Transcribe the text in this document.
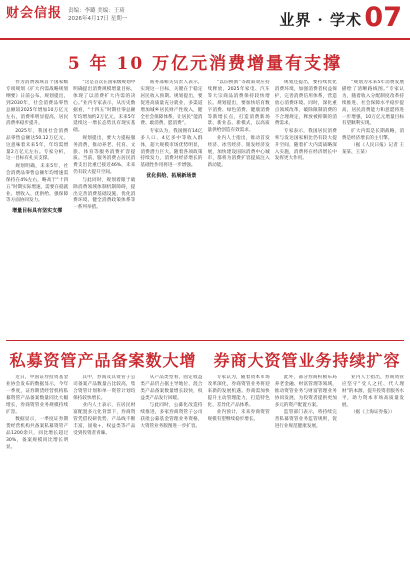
财会信报	责编：李璐 美编：王琦
2026年4月17日 星期一	业界 · 学术 07
5 年 10 万亿元消费增量有支撑

作为消费领域首个国家级专项规划《扩大内需战略规划纲要》日前公布。规划提出，到2030年，社会消费品零售总额较2025年增加10万亿元左右，消费率明显提高，居民消费率稳步提升。

2025年，我国社会消费品零售总额达50.12万亿元。这意味着未来5年，年均需增量2万亿元左右。专家分析，这一目标有扎实支撑。

规划明确，未来5年，社会消费品零售总额年均增速需保持在4%左右，略高于“十四五”时期实际增速，需要在稳就业、增收入、优供给、强保障等方面协同发力。

增量目标具有坚实支撑

“这是首次在国家级规划中明确提出消费规模增量目标，体现了以消费扩大内需的决心。”业内专家表示，从历史数据看，“十四五”时期社零总额年均增加约2万亿元，未来5年延续这一增长态势具有现实基础。

规划提出，要大力提振服务消费，推动养老、托育、文旅、体育等服务消费扩容提质。当前，服务消费占居民消费支出比重已接近46%，未来仍有较大提升空间。

与此同时，规划着眼于破除消费领域体制机制障碍，提出完善消费基础设施、优化消费环境、健全消费政策体系等一系列举措。

商务部相关负责人表示，实现这一目标，关键在于稳定居民收入预期。规划提出，要促进高质量充分就业，多渠道增加城乡居民财产性收入，健全社会保障体系，让居民“能消费、敢消费、愿消费”。

专家认为，我国拥有14亿多人口、4亿多中等收入群体，超大规模市场优势明显，消费潜力巨大。随着各项政策持续发力，消费对经济增长的基础性作用将进一步增强。

优化供给、拓展新场景

“以旧换新”等政策效应持续释放，2025年家电、汽车等大宗商品消费保持较快增长。规划提出，要加快培育数字消费、绿色消费、健康消费等新增长点，打造消费新场景、新业态、新模式，以高质量供给创造有效需求。

业内人士指出，推动首发经济、冰雪经济、银发经济发展，加快建设国际消费中心城市，都将为消费扩容提质注入新动能。

规划还提出，要持续优化消费环境，加强消费者权益保护，完善消费信用体系，营造放心消费环境。同时，深化重点领域改革，破除限制消费的不合理规定，释放被抑制的消费需求。

专家表示，我国居民消费率与发达国家相比仍有较大提升空间，随着扩大内需战略深入实施，消费将在经济增长中发挥更大作用。

“规划为未来5年消费发展描绘了清晰路线图。”专家认为，随着收入分配制度改革持续推进、社会保障水平稳步提高，居民消费能力和意愿将进一步增强，10万亿元增量目标有望顺利实现。

扩大内需是长期战略，消费是经济增长的主引擎。

（据《人民日报》记者 王某某、王某）

私募资管产品备案数大增　券商大资管业务持续扩容

近日，中国证券投资基金业协会发布的数据显示，今年一季度，证券期货经营机构私募资管产品备案数量同比大幅增长，券商资管业务规模持续扩容。

数据显示，一季度证券期货经营机构共备案私募资管产品1200余只，同比增长超过30%，备案规模同比增长明显。

其中，券商及其资管子公司备案产品数量占比较高，集合资管计划和单一资管计划均保持较快增长。

业内人士表示，在居民财富配置多元化背景下，券商资管凭借投研优势，产品线不断丰富，固收+、权益类等产品受到投资者青睐。

从产品类型看，固定收益类产品仍占据主导地位，混合类产品备案数量增长较快，权益类产品发行回暖。

与此同时，公募化改造持续推进，多家券商资管子公司获批公募基金管理业务资格，大资管业务版图进一步扩容。

专家认为，随着资本市场改革深化，券商资管业务将迎来新的发展机遇。券商需加快提升主动管理能力，打造特色化、差异化产品体系。

业内预计，未来券商资管规模有望继续稳步增长。

此外，部分券商积极布局养老金融、财富管理等领域，推动资管业务与财富管理业务协同发展，为投资者提供更加多元的资产配置方案。

监管部门表示，将持续完善私募资管业务监管规则，促进行业规范健康发展。

业内人士指出，券商资管应坚守“受人之托、代人理财”的本源，提升投资者服务水平，助力资本市场高质量发展。

（据《上海证券报》）
